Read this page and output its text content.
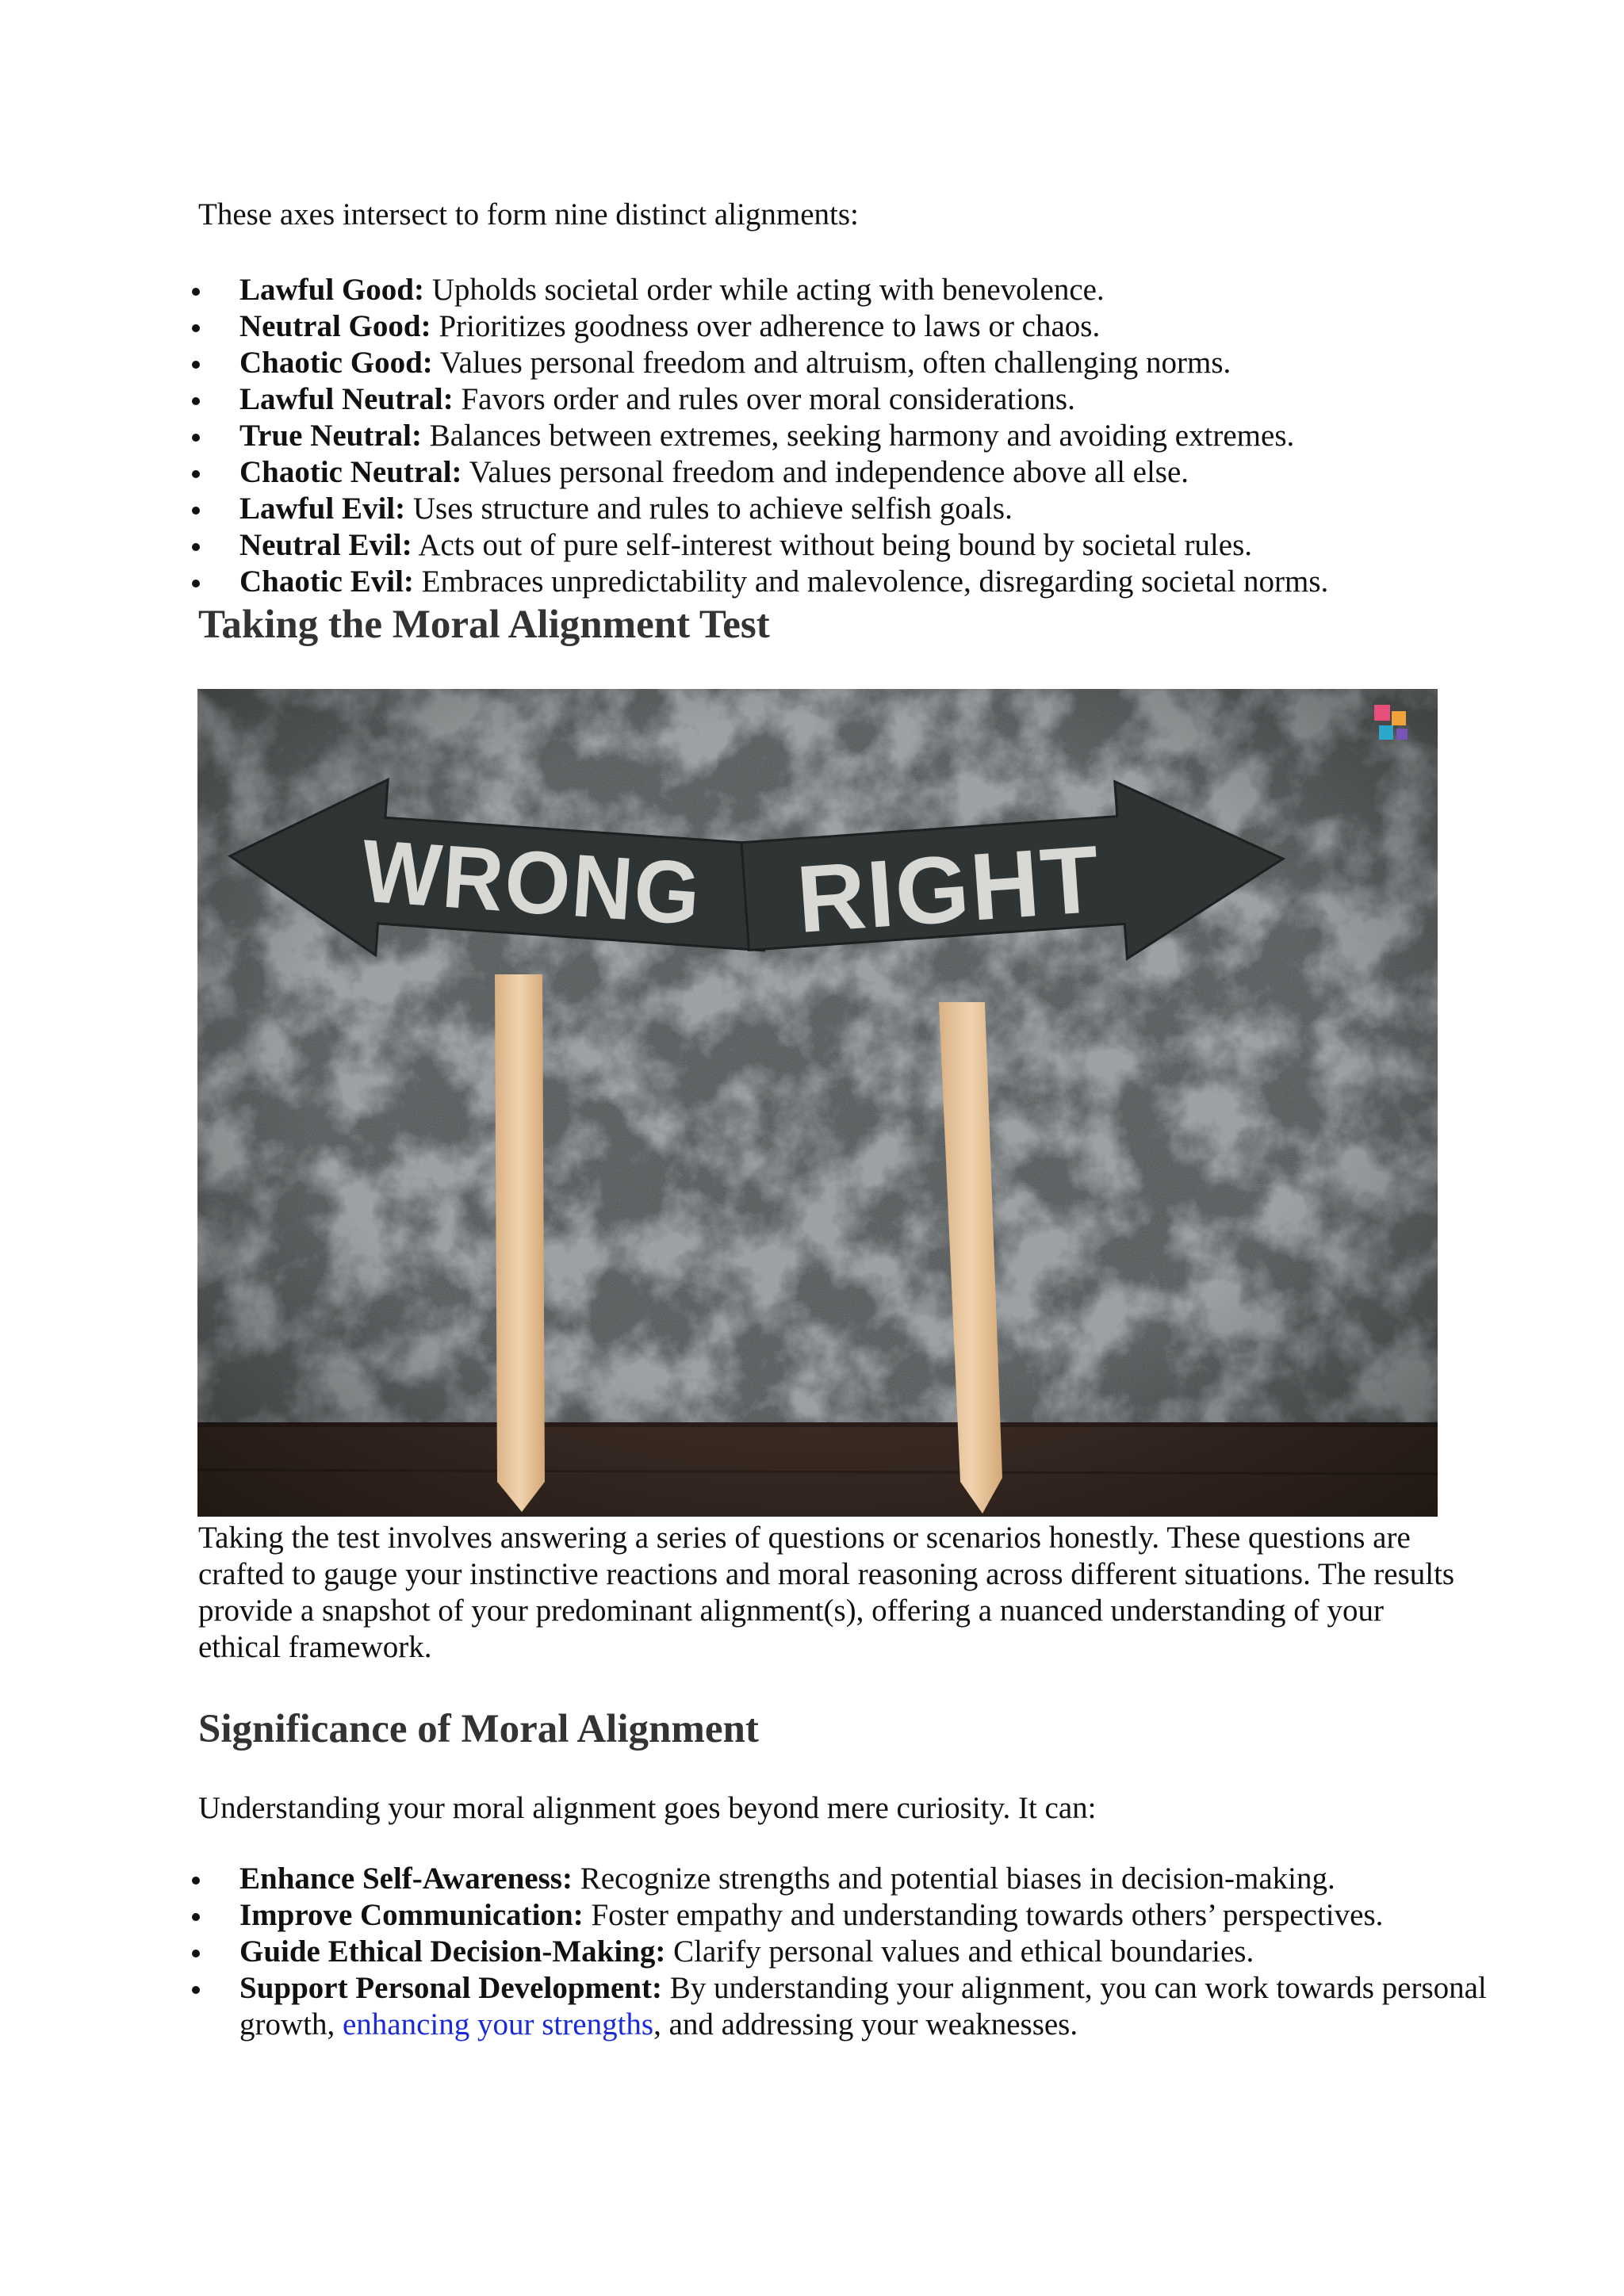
These axes intersect to form nine distinct alignments:

Lawful Good: Upholds societal order while acting with benevolence.
Neutral Good: Prioritizes goodness over adherence to laws or chaos.
Chaotic Good: Values personal freedom and altruism, often challenging norms.
Lawful Neutral: Favors order and rules over moral considerations.
True Neutral: Balances between extremes, seeking harmony and avoiding extremes.
Chaotic Neutral: Values personal freedom and independence above all else.
Lawful Evil: Uses structure and rules to achieve selfish goals.
Neutral Evil: Acts out of pure self-interest without being bound by societal rules.
Chaotic Evil: Embraces unpredictability and malevolence, disregarding societal norms.
Taking the Moral Alignment Test
WRONG RIGHT

Taking the test involves answering a series of questions or scenarios honestly. These questions are crafted to gauge your instinctive reactions and moral reasoning across different situations. The results provide a snapshot of your predominant alignment(s), offering a nuanced understanding of your ethical framework.

Significance of Moral Alignment

Understanding your moral alignment goes beyond mere curiosity. It can:

Enhance Self-Awareness: Recognize strengths and potential biases in decision-making.
Improve Communication: Foster empathy and understanding towards others’ perspectives.
Guide Ethical Decision-Making: Clarify personal values and ethical boundaries.
Support Personal Development: By understanding your alignment, you can work towards personal growth, enhancing your strengths, and addressing your weaknesses.
